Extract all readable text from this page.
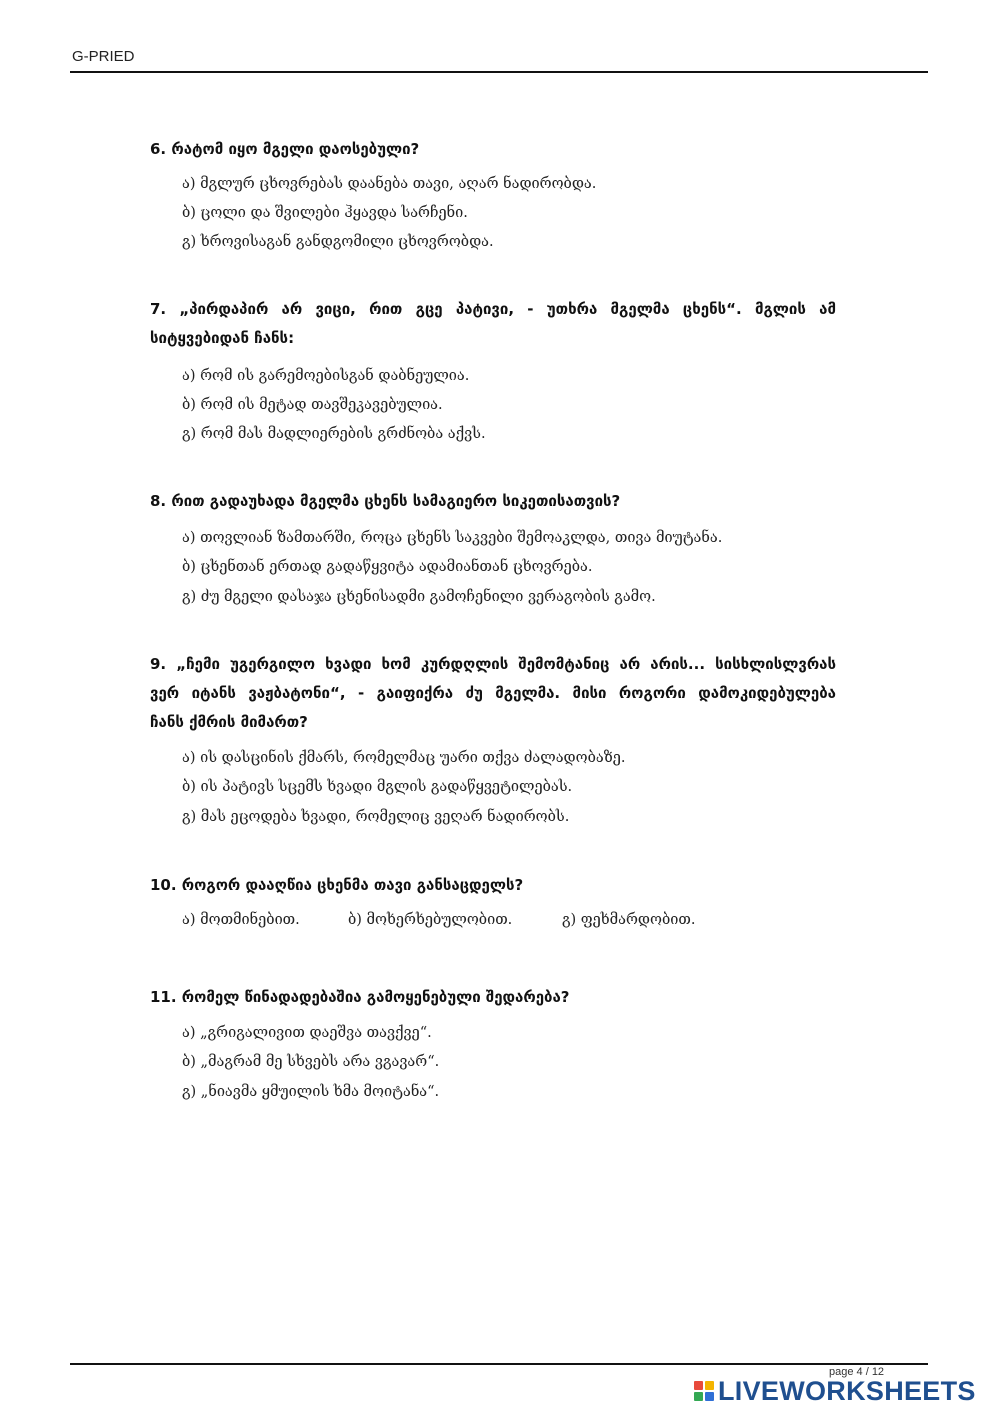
G-PRIED
6. რატომ იყო მგელი დაოსებული?
ა) მგლურ ცხოვრებას დაანება თავი, აღარ ნადირობდა.
ბ) ცოლი და შვილები ჰყავდა სარჩენი.
გ) ხროვისაგან განდგომილი ცხოვრობდა.
7. „პირდაპირ არ ვიცი, რით გცე პატივი, - უთხრა მგელმა ცხენს“. მგლის ამ
სიტყვებიდან ჩანს:
ა) რომ ის გარემოებისგან დაბნეულია.
ბ) რომ ის მეტად თავშეკავებულია.
გ) რომ მას მადლიერების გრძნობა აქვს.
8. რით გადაუხადა მგელმა ცხენს სამაგიერო სიკეთისათვის?
ა) თოვლიან ზამთარში, როცა ცხენს საკვები შემოაკლდა, თივა მიუტანა.
ბ) ცხენთან ერთად გადაწყვიტა ადამიანთან ცხოვრება.
გ) ძუ მგელი დასაჯა ცხენისადმი გამოჩენილი ვერაგობის გამო.
9. „ჩემი უგერგილო ხვადი ხომ კურდღლის შემომტანიც არ არის... სისხლისლვრას
ვერ იტანს ვაჟბატონი“, - გაიფიქრა ძუ მგელმა. მისი როგორი დამოკიდებულება
ჩანს ქმრის მიმართ?
ა) ის დასცინის ქმარს, რომელმაც უარი თქვა ძალადობაზე.
ბ) ის პატივს სცემს ხვადი მგლის გადაწყვეტილებას.
გ) მას ეცოდება ხვადი, რომელიც ვეღარ ნადირობს.
10. როგორ დააღწია ცხენმა თავი განსაცდელს?
ა) მოთმინებით.	ბ) მოხერხებულობით.	გ) ფეხმარდობით.
11. რომელ წინადადებაშია გამოყენებული შედარება?
ა) „გრიგალივით დაეშვა თავქვე“.
ბ) „მაგრამ მე სხვებს არა ვგავარ“.
გ) „ნიავმა ყმუილის ხმა მოიტანა“.
page 4 / 12
LIVEWORKSHEETS
